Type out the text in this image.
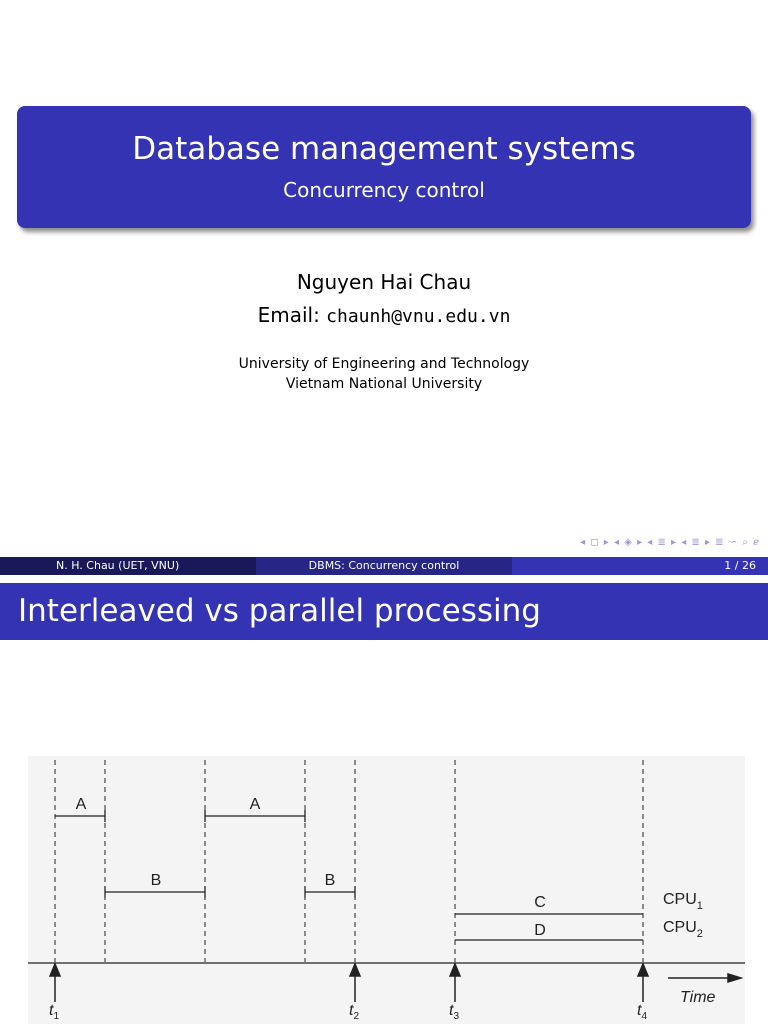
Database management systems
Concurrency control
Nguyen Hai Chau
Email: chaunh@vnu.edu.vn
University of Engineering and Technology
Vietnam National University
◂ ◻ ▸ ◂ ◈ ▸ ◂ ≣ ▸ ◂ ≣ ▸ ≣ ∽ ⌕ ℯ
N. H. Chau (UET, VNU)	DBMS: Concurrency control	1 / 26
Interleaved vs parallel processing
A	A
B	B
C
D
$CPU_1$
$CPU_2$
Time
$t_1$	$t_2$	$t_3$	$t_4$
